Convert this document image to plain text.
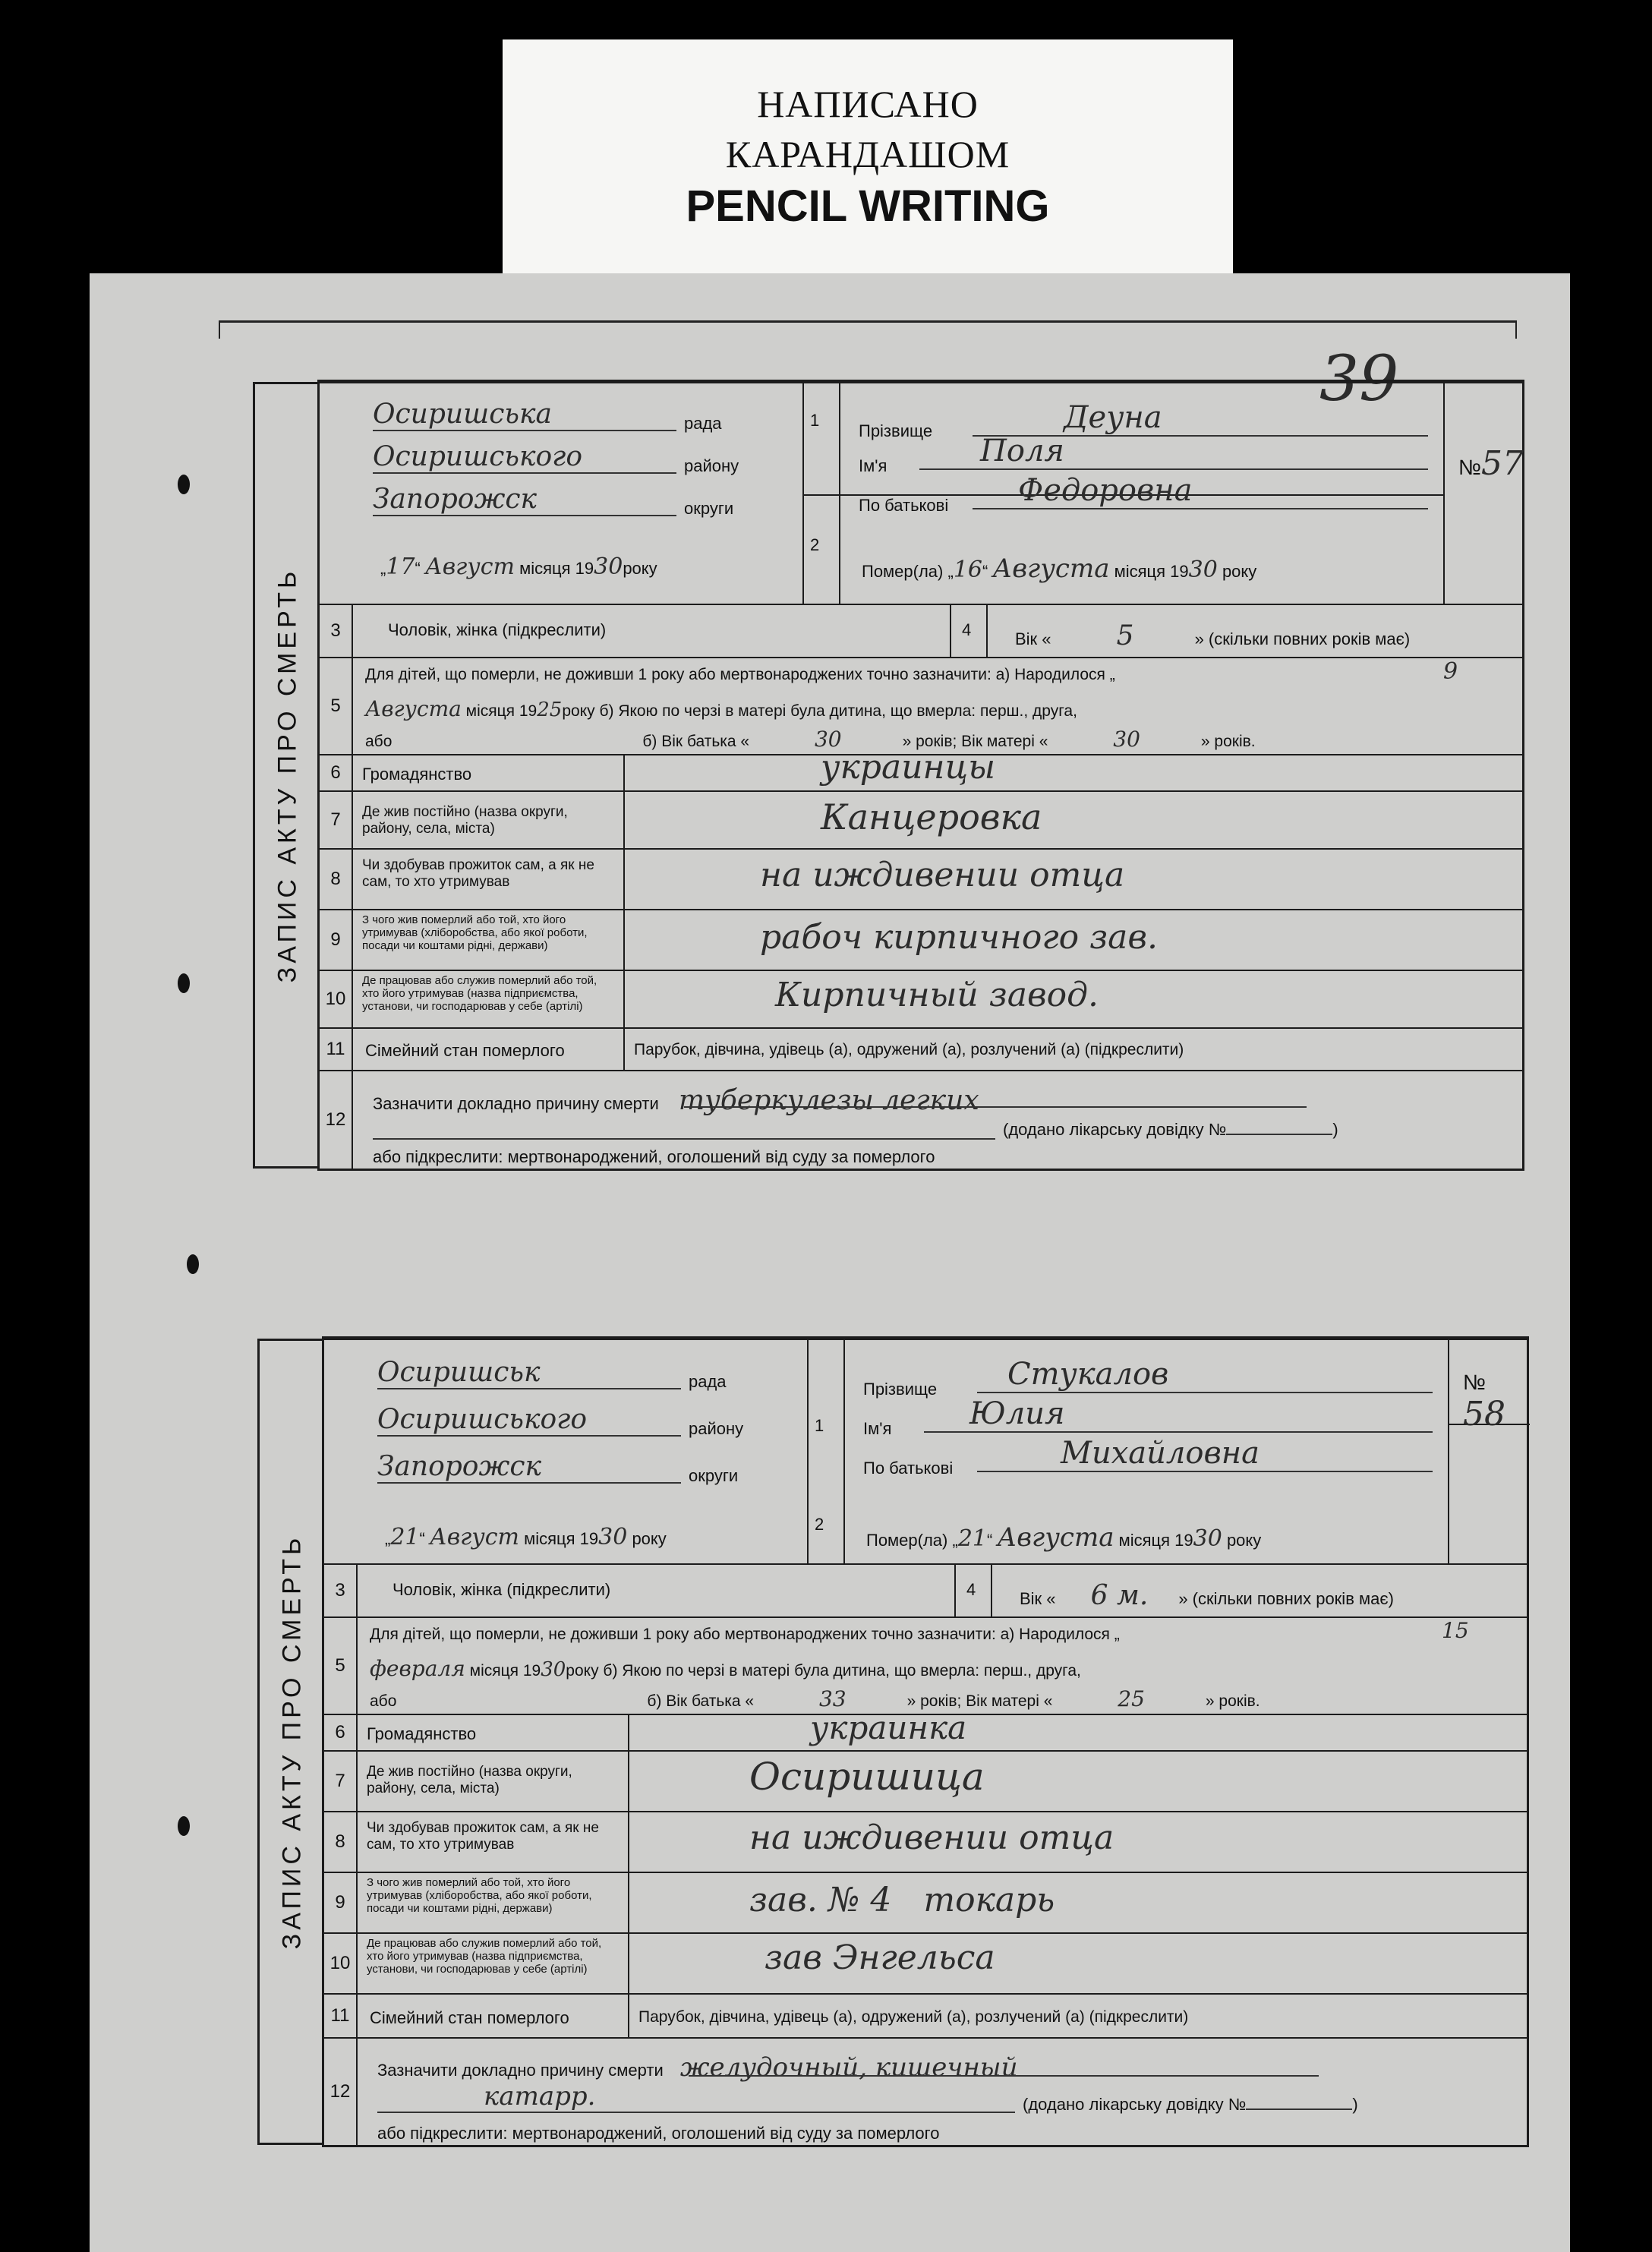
НАПИСАНО
КАРАНДАШОМ
PENCIL WRITING
39
ЗАПИС АКТУ ПРО СМЕРТЬ
1
2
Осиришська	рада
Осиришського	району
Запорожск	округи
„17“ Август місяця 1930року
Прізвище	Деуна
Ім'я	Поля
По батькові	Федоровна
Помер(ла) „16“ Августа місяця 1930 року
№57
3	Чоловік, жінка (підкреслити)	4	Вік « 5	» (скільки повних років має)
5
Для дітей, що померли, не доживши 1 року або мертвонароджених точно зазначити: а) Народилося „	9
Августа місяця 1925року б) Якою по черзі в матері була дитина, що вмерла: перш., друга,
або	б) Вік батька «	30	» років; Вік матері «	30	» років.
6	Громадянство	украинцы
7	Де жив постійно (назва округи, району, села, міста)	Канцеровка
8
Чи здобував прожиток сам, а як не сам, то хто утримував	на иждивении отца
9
З чого жив померлий або той, хто його утримував (хліборобства, або якої роботи, посади чи коштами рідні, держави)	рабоч кирпичного зав.
10
Де працював або служив померлий або той, хто його утримував (назва підприємства, установи, чи господарював у себе (артілі)	Кирпичный завод.
11	Сімейний стан померлого	Парубок, дівчина, удівець (а), одружений (а), розлучений (а) (підкреслити)
12
Зазначити докладно причину смерти туберкулезы легких
(додано лікарську довідку №	)
або підкреслити: мертвонароджений, оголошений від суду за померлого
ЗАПИС АКТУ ПРО СМЕРТЬ
1
2
Осиришськ	рада
Осиришського	району
Запорожск	округи
„21“ Август місяця 1930 року
Прізвище	Стукалов
Ім'я	Юлия
По батькові	Михайловна
Помер(ла) „21“ Августа місяця 1930 року
№ 58
3	Чоловік, жінка (підкреслити)	4	Вік « 6 м. » (скільки повних років має)
5
Для дітей, що померли, не доживши 1 року або мертвонароджених точно зазначити: а) Народилося „	15
февраля місяця 1930року б) Якою по черзі в матері була дитина, що вмерла: перш., друга,
або	б) Вік батька «	33	» років; Вік матері «	25	» років.
6	Громадянство	украинка
7	Де жив постійно (назва округи, району, села, міста)	Осиришица
8
Чи здобував прожиток сам, а як не сам, то хто утримував	на иждивении отца
9
З чого жив померлий або той, хто його утримував (хліборобства, або якої роботи, посади чи коштами рідні, держави)	зав. № 4   токарь
10
Де працював або служив померлий або той, хто його утримував (назва підприємства, установи, чи господарював у себе (артілі)	зав Энгельса
11	Сімейний стан померлого	Парубок, дівчина, удівець (а), одружений (а), розлучений (а) (підкреслити)
12
Зазначити докладно причину смерти желудочный, кишечный
катарр.	(додано лікарську довідку №	)
або підкреслити: мертвонароджений, оголошений від суду за померлого
